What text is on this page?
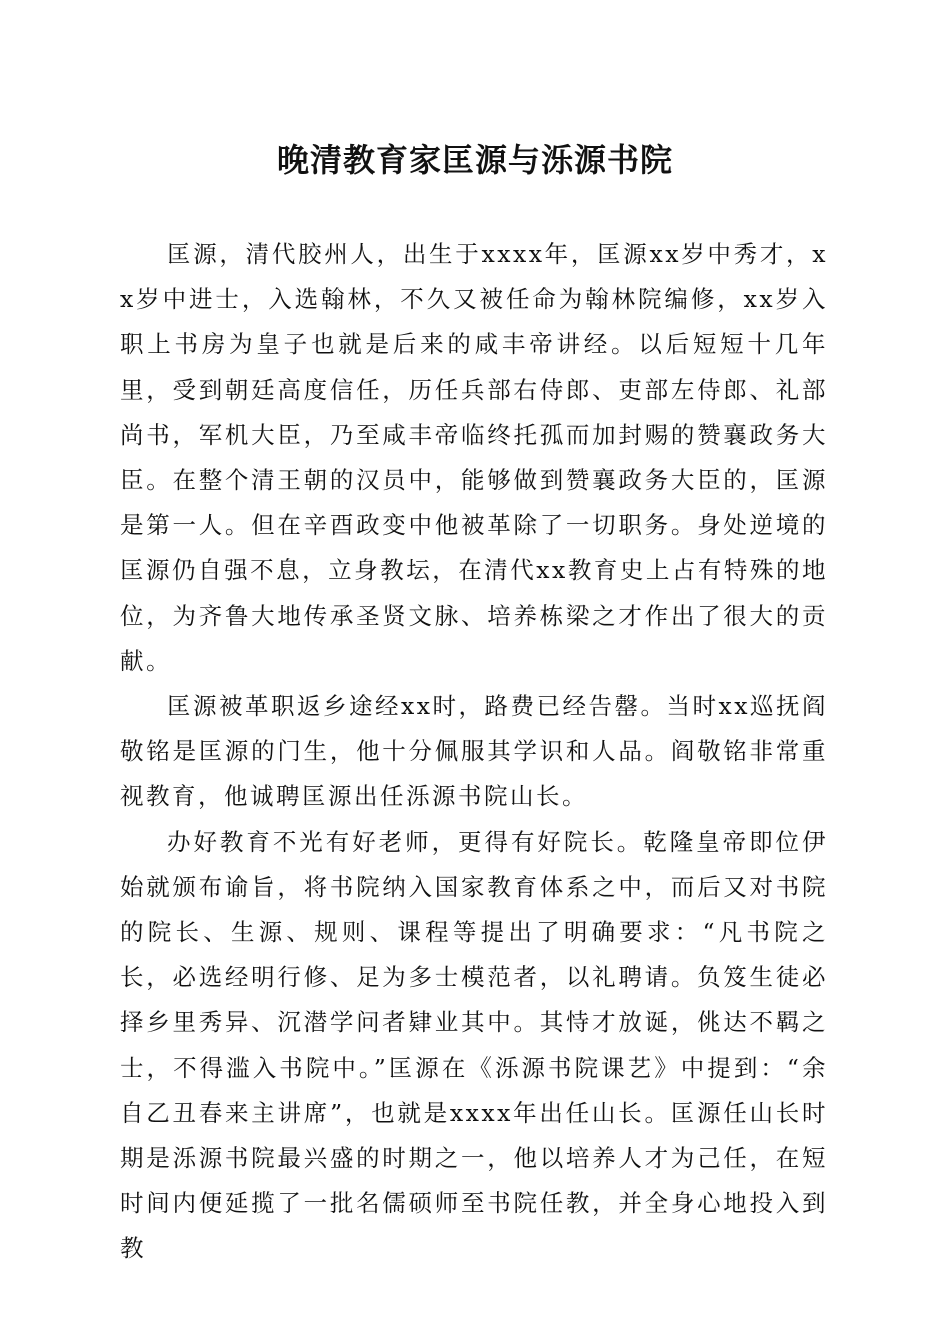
晚清教育家匡源与泺源书院

匡源，清代胶州人，出生于xxxx年，匡源xx岁中秀才，xx岁中进士，入选翰林，不久又被任命为翰林院编修，xx岁入职上书房为皇子也就是后来的咸丰帝讲经。以后短短十几年里，受到朝廷高度信任，历任兵部右侍郎、吏部左侍郎、礼部尚书，军机大臣，乃至咸丰帝临终托孤而加封赐的赞襄政务大臣。在整个清王朝的汉员中，能够做到赞襄政务大臣的，匡源是第一人。但在辛酉政变中他被革除了一切职务。身处逆境的匡源仍自强不息，立身教坛，在清代xx教育史上占有特殊的地位，为齐鲁大地传承圣贤文脉、培养栋梁之才作出了很大的贡献。

匡源被革职返乡途经xx时，路费已经告罄。当时xx巡抚阎敬铭是匡源的门生，他十分佩服其学识和人品。阎敬铭非常重视教育，他诚聘匡源出任泺源书院山长。

办好教育不光有好老师，更得有好院长。乾隆皇帝即位伊始就颁布谕旨，将书院纳入国家教育体系之中，而后又对书院的院长、生源、规则、课程等提出了明确要求：“凡书院之长，必选经明行修、足为多士模范者，以礼聘请。负笈生徒必择乡里秀异、沉潜学问者肄业其中。其恃才放诞，佻达不羁之士，不得滥入书院中。”匡源在《泺源书院课艺》中提到：“余自乙丑春来主讲席”，也就是xxxx年出任山长。匡源任山长时期是泺源书院最兴盛的时期之一，他以培养人才为己任，在短时间内便延揽了一批名儒硕师至书院任教，并全身心地投入到教
